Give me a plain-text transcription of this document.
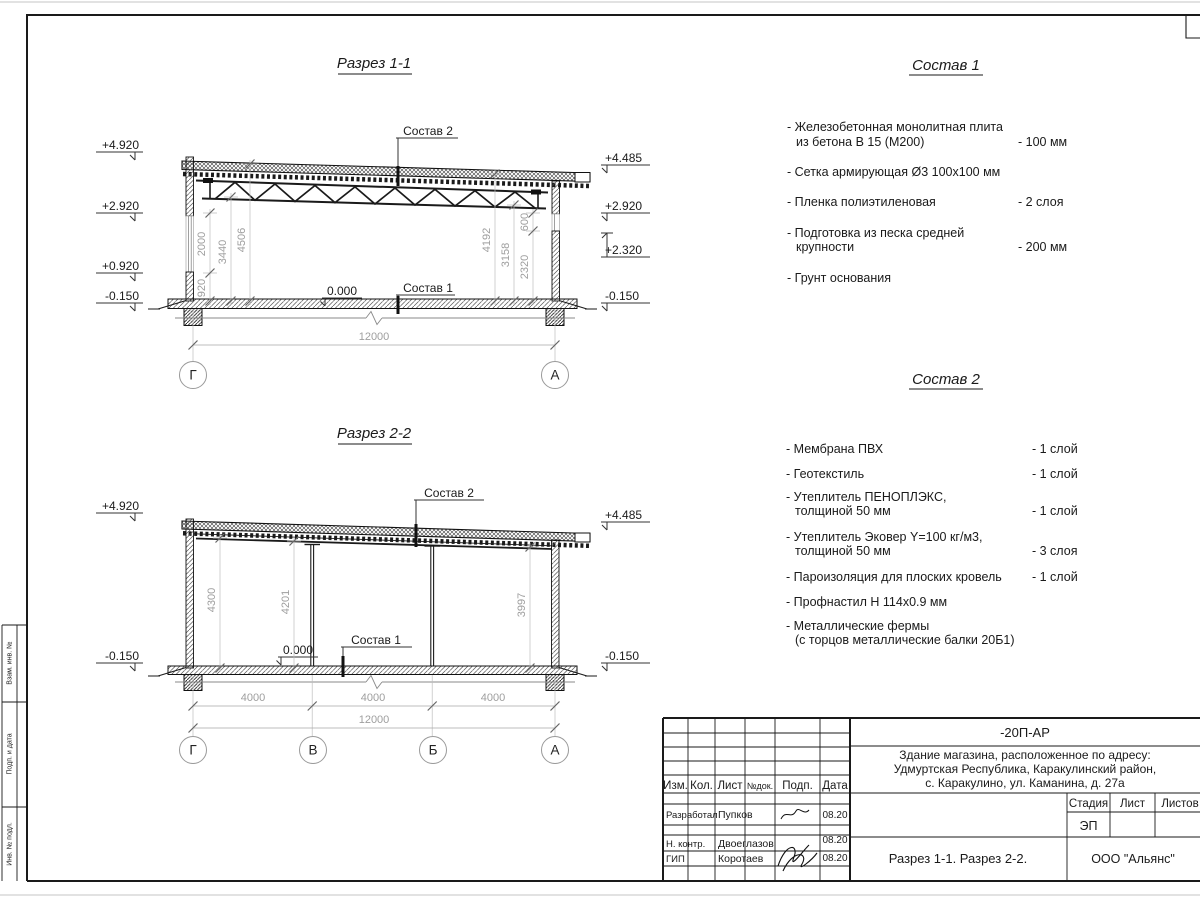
Разрез 1-1
Состав 2
Состав 1
0.000
+4.920
+2.920
+0.920
-0.150
+4.485
+2.920
+2.320
-0.150
920
2000 3440 4506	4192
3158 2320
600
12000
Г	А
Разрез 2-2
Состав 2
Состав 1
0.000
+4.920
-0.150
+4.485
-0.150
4300	4201	3997
4000	4000	4000
12000
Г	В	Б	А
Состав 1
- Железобетонная монолитная плита
из бетона В 15 (М200)	- 100 мм
- Сетка армирующая Ø3 100х100 мм
- Пленка полиэтиленовая	- 2 слоя
- Подготовка из песка средней
крупности	- 200 мм
- Грунт основания
Состав 2
- Мембрана ПВХ	- 1 слой
- Геотекстиль	- 1 слой
- Утеплитель ПЕНОПЛЭКС,
толщиной 50 мм	- 1 слой
- Утеплитель Эковер Y=100 кг/м3,
толщиной 50 мм	- 3 слоя
- Пароизоляция для плоских кровель - 1 слой
- Профнастил Н 114х0.9 мм
- Металлические фермы
(с торцов металлические балки 20Б1)
Изм. Кол. Лист №док. Подп. Дата
Разработал Пупков	08.20
Н. контр. Двоеглазов	08.20
ГИП	Коротаев	08.20
-20П-АР
Здание магазина, расположенное по адресу:
Удмуртская Республика, Каракулинский район,
с. Каракулино, ул. Каманина, д. 27а
Стадия Лист Листов
ЭП
Разрез 1-1. Разрез 2-2.	ООО "Альянс"
Взам. инв. №
Подп. и дата
Инв. № подл.
